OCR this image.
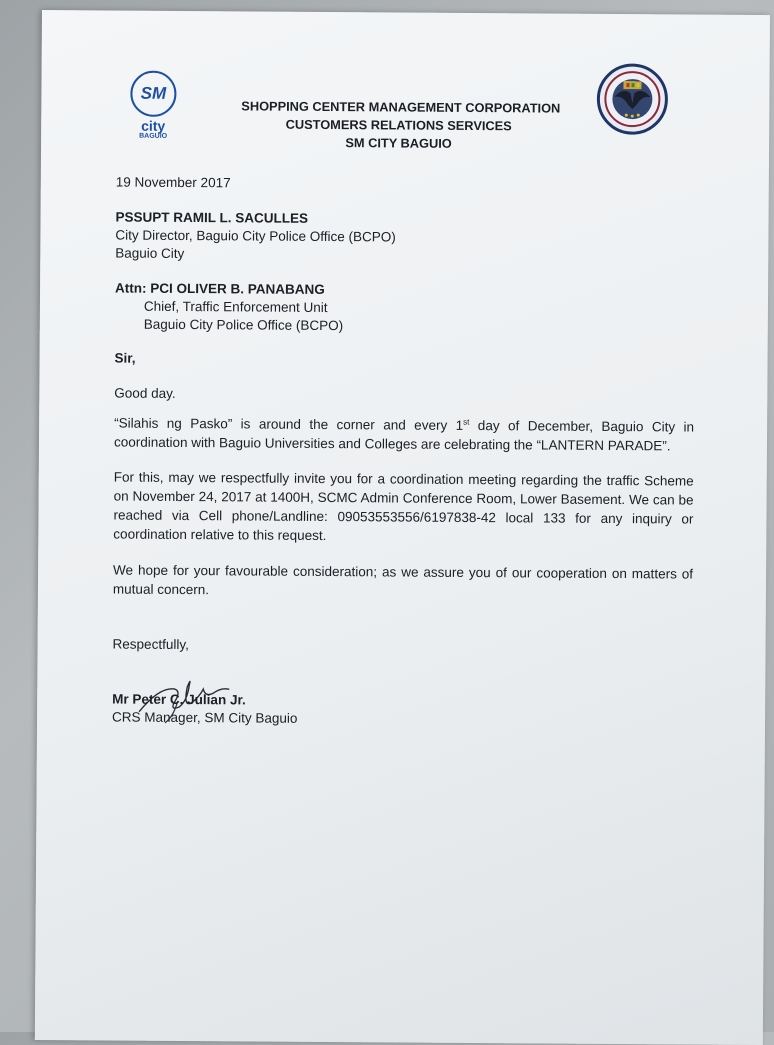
SM
city
BAGUIO
SHOPPING CENTER MANAGEMENT CORPORATION
CUSTOMERS RELATIONS SERVICES
SM CITY BAGUIO
19 November 2017
PSSUPT RAMIL L. SACULLES
City Director, Baguio City Police Office (BCPO)
Baguio City
Attn: PCI OLIVER B. PANABANG
Chief, Traffic Enforcement Unit
Baguio City Police Office (BCPO)
Sir,
Good day.
“Silahis ng Pasko” is around the corner and every 1st day of December, Baguio City in coordination with Baguio Universities and Colleges are celebrating the “LANTERN PARADE”.
For this, may we respectfully invite you for a coordination meeting regarding the traffic Scheme on November 24, 2017 at 1400H, SCMC Admin Conference Room, Lower Basement. We can be reached via Cell phone/Landline: 09053553556/6197838-42 local 133 for any inquiry or coordination relative to this request.
We hope for your favourable consideration; as we assure you of our cooperation on matters of mutual concern.
Respectfully,
Mr Peter C. Julian Jr.
CRS Manager, SM City Baguio
